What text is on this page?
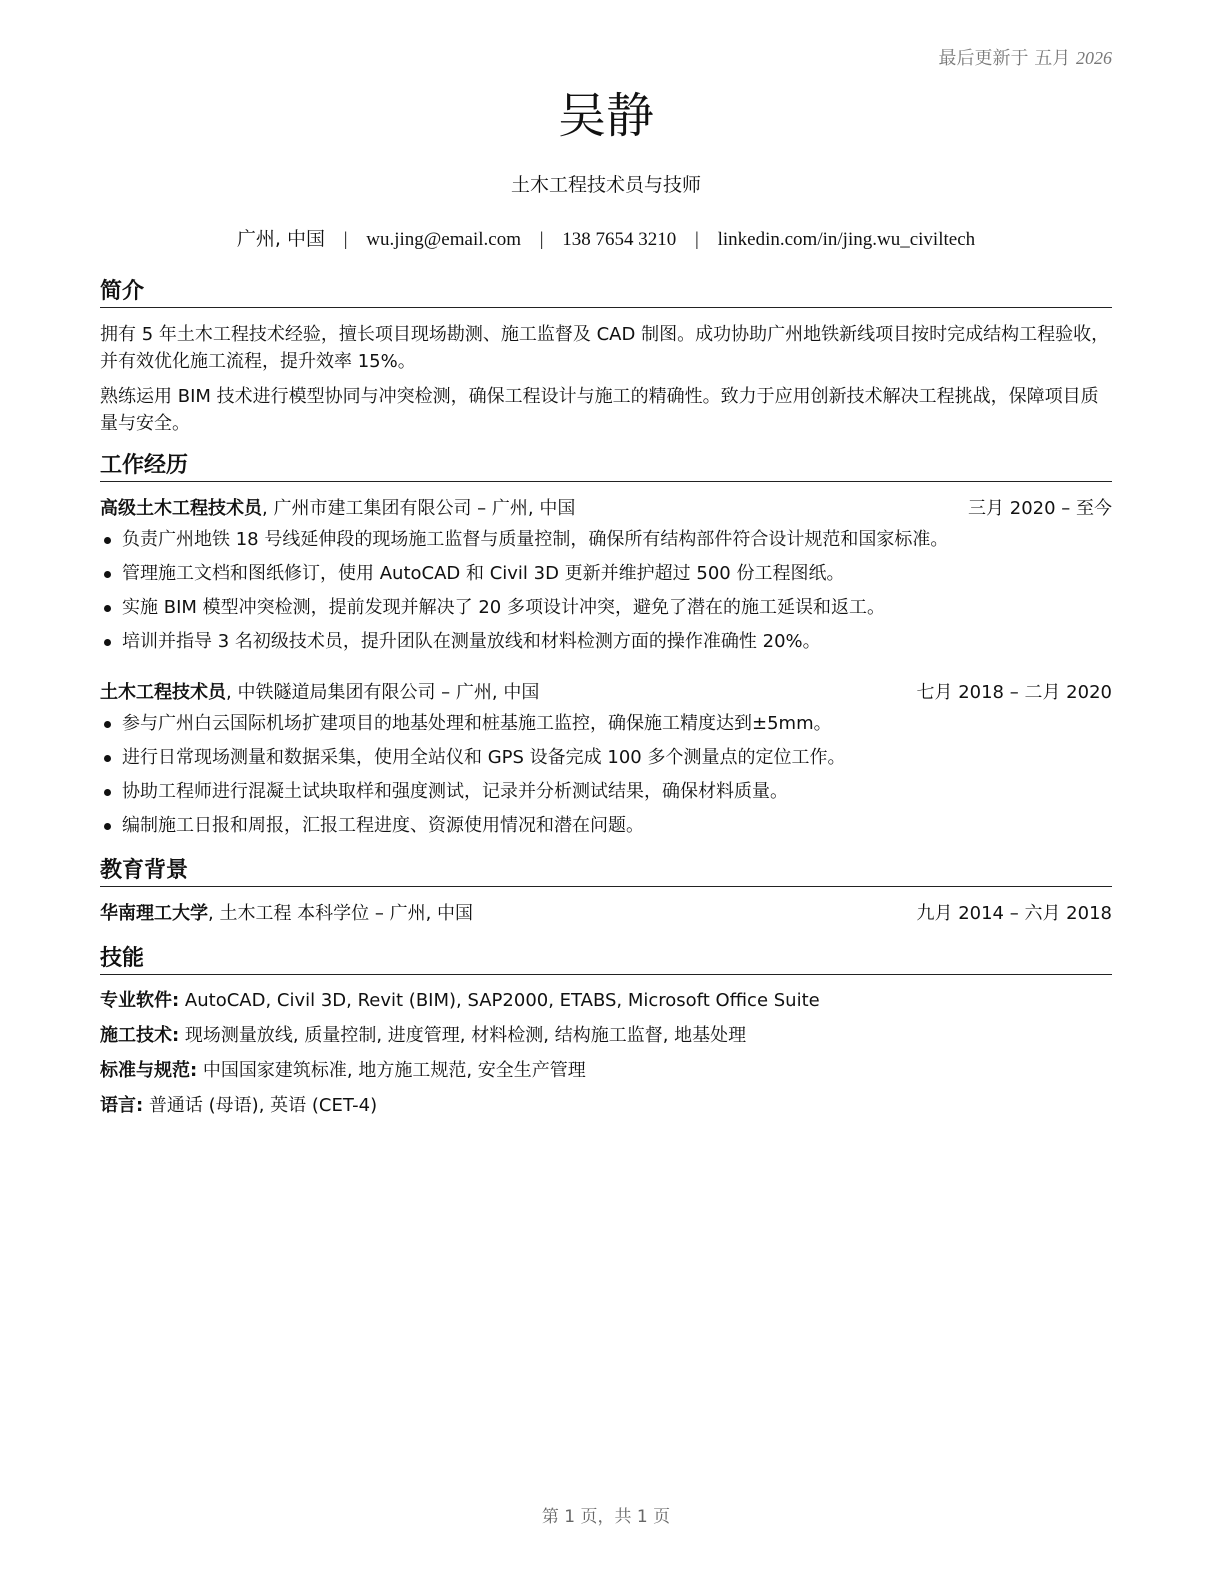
最后更新于 五月 2026
吴静
土木工程技术员与技师
广州, 中国 | wu.jing@email.com | 138 7654 3210 | linkedin.com/in/jing.wu_civiltech
简介
拥有 5 年土木工程技术经验，擅长项目现场勘测、施工监督及 CAD 制图。成功协助广州地铁新线项目按时完成结构工程验收，并有效优化施工流程，提升效率 15%。
熟练运用 BIM 技术进行模型协同与冲突检测，确保工程设计与施工的精确性。致力于应用创新技术解决工程挑战，保障项目质量与安全。
工作经历
高级土木工程技术员, 广州市建工集团有限公司 – 广州, 中国	三月 2020 – 至今
负责广州地铁 18 号线延伸段的现场施工监督与质量控制，确保所有结构部件符合设计规范和国家标准。
管理施工文档和图纸修订，使用 AutoCAD 和 Civil 3D 更新并维护超过 500 份工程图纸。
实施 BIM 模型冲突检测，提前发现并解决了 20 多项设计冲突，避免了潜在的施工延误和返工。
培训并指导 3 名初级技术员，提升团队在测量放线和材料检测方面的操作准确性 20%。
土木工程技术员, 中铁隧道局集团有限公司 – 广州, 中国	七月 2018 – 二月 2020
参与广州白云国际机场扩建项目的地基处理和桩基施工监控，确保施工精度达到±5mm。
进行日常现场测量和数据采集，使用全站仪和 GPS 设备完成 100 多个测量点的定位工作。
协助工程师进行混凝土试块取样和强度测试，记录并分析测试结果，确保材料质量。
编制施工日报和周报，汇报工程进度、资源使用情况和潜在问题。
教育背景
华南理工大学, 土木工程 本科学位 – 广州, 中国	九月 2014 – 六月 2018
技能
专业软件: AutoCAD, Civil 3D, Revit (BIM), SAP2000, ETABS, Microsoft Office Suite
施工技术: 现场测量放线, 质量控制, 进度管理, 材料检测, 结构施工监督, 地基处理
标准与规范: 中国国家建筑标准, 地方施工规范, 安全生产管理
语言: 普通话 (母语), 英语 (CET-4)
第 1 页，共 1 页
